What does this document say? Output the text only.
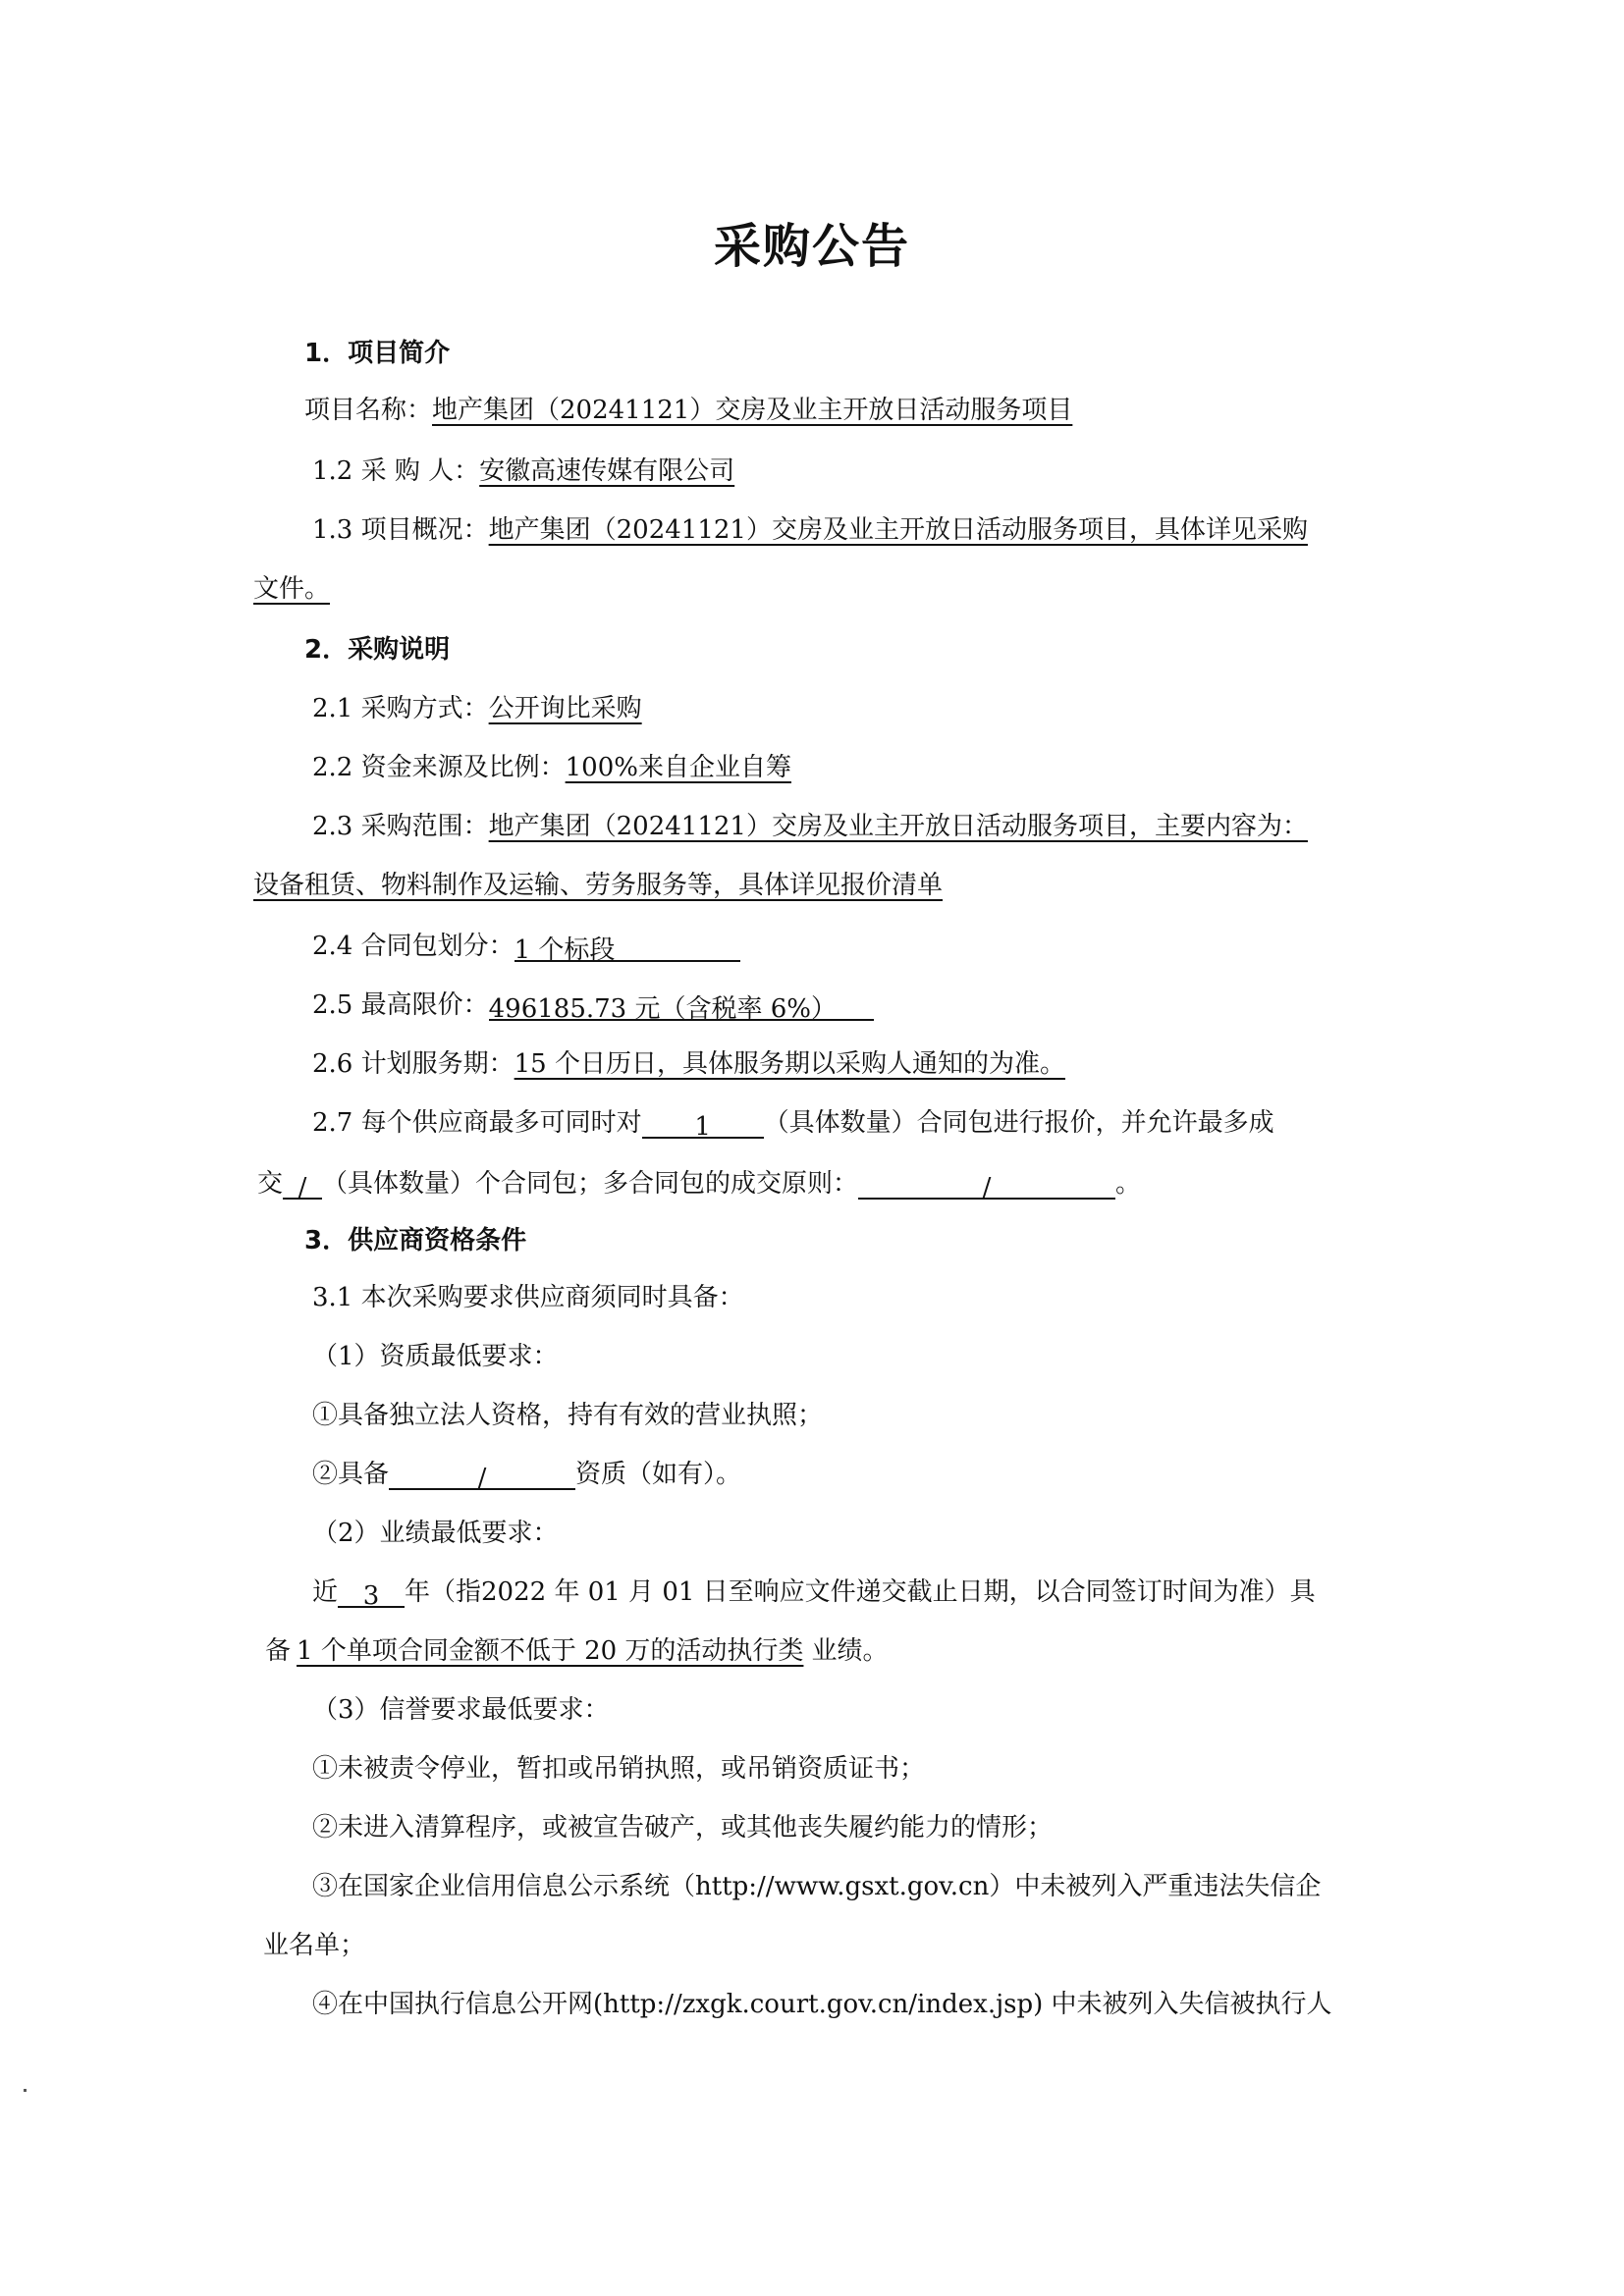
采购公告
1．项目简介
项目名称：地产集团（20241121）交房及业主开放日活动服务项目
1.2 采 购 人：安徽高速传媒有限公司
1.3 项目概况：地产集团（20241121）交房及业主开放日活动服务项目，具体详见采购
文件。
2．采购说明
2.1 采购方式：公开询比采购
2.2 资金来源及比例：100%来自企业自筹
2.3 采购范围：地产集团（20241121）交房及业主开放日活动服务项目，主要内容为：
设备租赁、物料制作及运输、劳务服务等，具体详见报价清单
2.4 合同包划分：1 个标段
2.5 最高限价：496185.73 元（含税率 6%）
2.6 计划服务期：15 个日历日，具体服务期以采购人通知的为准。
2.7 每个供应商最多可同时对 1 （具体数量）合同包进行报价，并允许最多成
交 / （具体数量）个合同包；多合同包的成交原则：	/	。
3．供应商资格条件
3.1 本次采购要求供应商须同时具备：
（1）资质最低要求：
①具备独立法人资格，持有有效的营业执照；
②具备	/	资质（如有）。
（2）业绩最低要求：
近 3 年（指2022 年 01 月 01 日至响应文件递交截止日期，以合同签订时间为准）具
备 1 个单项合同金额不低于 20 万的活动执行类 业绩。
（3）信誉要求最低要求：
①未被责令停业，暂扣或吊销执照，或吊销资质证书；
②未进入清算程序，或被宣告破产，或其他丧失履约能力的情形；
③在国家企业信用信息公示系统（http://www.gsxt.gov.cn）中未被列入严重违法失信企
业名单；
④在中国执行信息公开网(http://zxgk.court.gov.cn/index.jsp) 中未被列入失信被执行人
